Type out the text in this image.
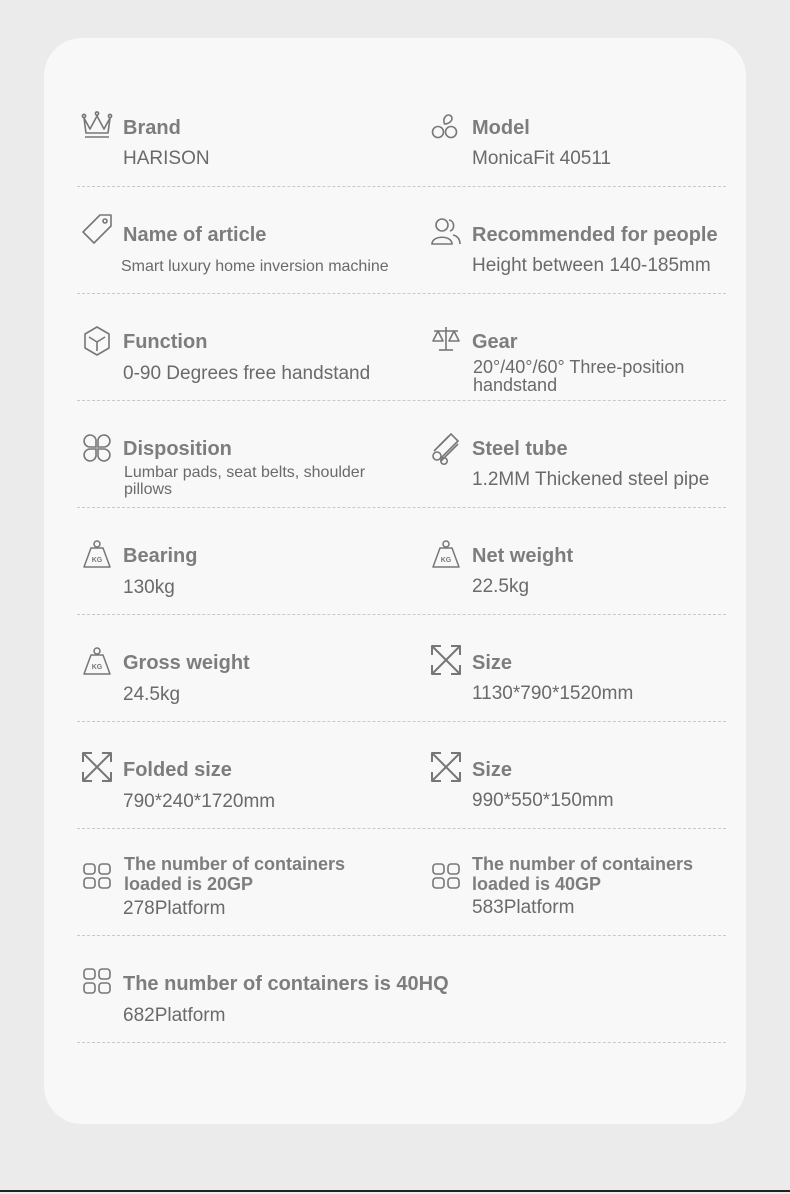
Brand
HARISON
Model
MonicaFit 40511
Name of article
Smart luxury home inversion machine
Recommended for people
Height between 140-185mm
Function
0-90 Degrees free handstand
Gear
20°/40°/60° Three-position handstand
Disposition
Lumbar pads, seat belts, shoulder pillows
Steel tube
1.2MM Thickened steel pipe
KG Bearing
130kg
KG Net weight
22.5kg
KG Gross weight
24.5kg
Size
1130*790*1520mm
Folded size
790*240*1720mm
Size
990*550*150mm
The number of containers loaded is 20GP
278Platform
The number of containers loaded is 40GP
583Platform
The number of containers is 40HQ
682Platform
